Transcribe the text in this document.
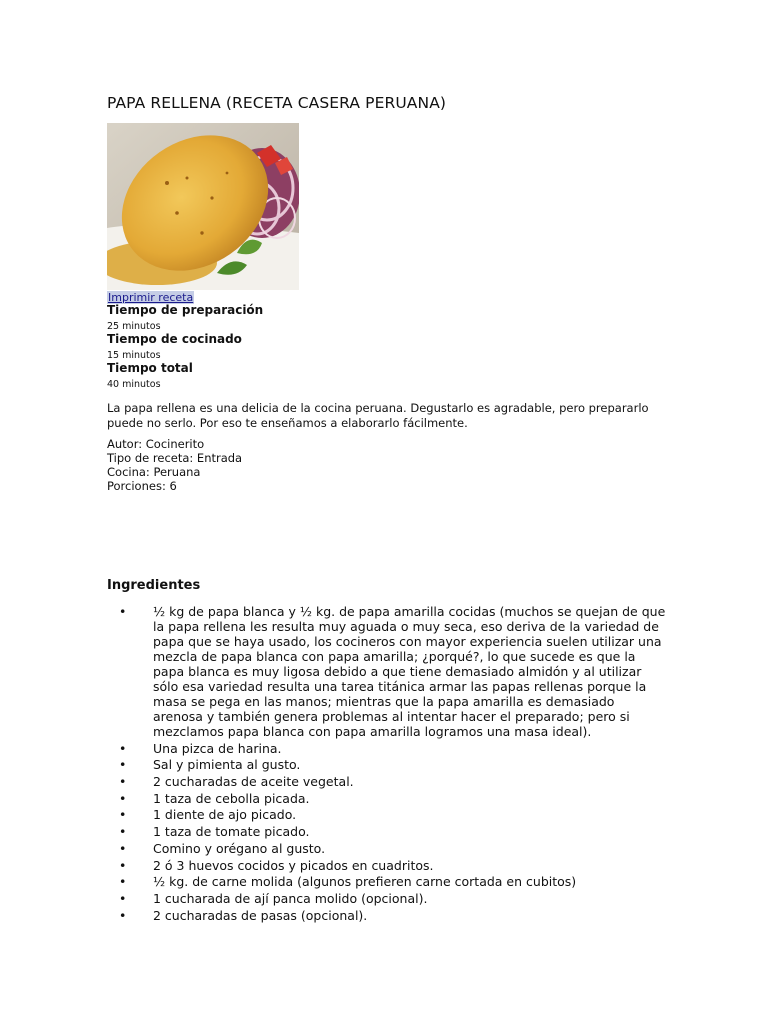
PAPA RELLENA (RECETA CASERA PERUANA)
Imprimir receta
Tiempo de preparación
25 minutos
Tiempo de cocinado
15 minutos
Tiempo total
40 minutos
La papa rellena es una delicia de la cocina peruana. Degustarlo es agradable, pero prepararlo puede no serlo. Por eso te enseñamos a elaborarlo fácilmente.
Autor: Cocinerito
Tipo de receta: Entrada
Cocina: Peruana
Porciones: 6
Ingredientes
• ½ kg de papa blanca y ½ kg. de papa amarilla cocidas (muchos se quejan de que la papa rellena les resulta muy aguada o muy seca, eso deriva de la variedad de papa que se haya usado, los cocineros con mayor experiencia suelen utilizar una mezcla de papa blanca con papa amarilla; ¿porqué?, lo que sucede es que la papa blanca es muy ligosa debido a que tiene demasiado almidón y al utilizar sólo esa variedad resulta una tarea titánica armar las papas rellenas porque la masa se pega en las manos; mientras que la papa amarilla es demasiado arenosa y también genera problemas al intentar hacer el preparado; pero si mezclamos papa blanca con papa amarilla logramos una masa ideal).
• Una pizca de harina.
• Sal y pimienta al gusto.
• 2 cucharadas de aceite vegetal.
• 1 taza de cebolla picada.
• 1 diente de ajo picado.
• 1 taza de tomate picado.
• Comino y orégano al gusto.
• 2 ó 3 huevos cocidos y picados en cuadritos.
• ½ kg. de carne molida (algunos prefieren carne cortada en cubitos)
• 1 cucharada de ají panca molido (opcional).
• 2 cucharadas de pasas (opcional).
